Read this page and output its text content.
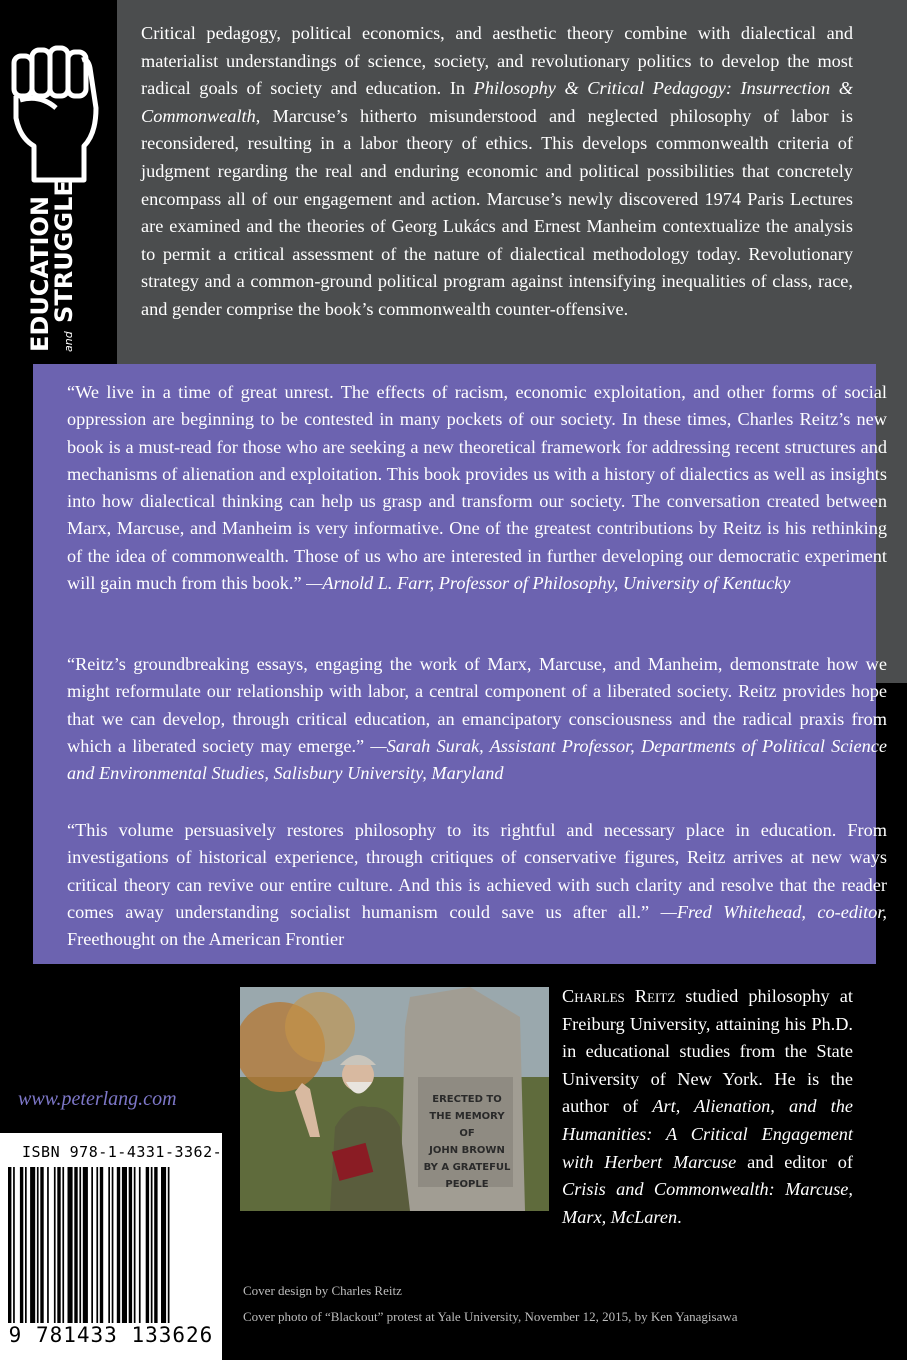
EDUCATION and STRUGGLE

Critical pedagogy, political economics, and aesthetic theory combine with dialectical and materialist understandings of science, society, and revolutionary politics to develop the most radical goals of society and education. In Philosophy & Critical Pedagogy: Insurrection & Commonwealth, Marcuse’s hitherto misunderstood and neglected philosophy of labor is reconsidered, resulting in a labor theory of ethics. This develops commonwealth criteria of judgment regarding the real and enduring economic and political possibilities that concretely encompass all of our engagement and action. Marcuse’s newly discovered 1974 Paris Lectures are examined and the theories of Georg Lukács and Ernest Manheim contextualize the analysis to permit a critical assessment of the nature of dialectical methodology today. Revolutionary strategy and a common-ground political program against intensifying inequalities of class, race, and gender comprise the book’s commonwealth counter-offensive.

“We live in a time of great unrest. The effects of racism, economic exploitation, and other forms of social oppression are beginning to be contested in many pockets of our society. In these times, Charles Reitz’s new book is a must-read for those who are seeking a new theoretical framework for addressing recent structures and mechanisms of alienation and exploitation. This book provides us with a history of dialectics as well as insights into how dialectical thinking can help us grasp and transform our society. The conversation created between Marx, Marcuse, and Manheim is very informative. One of the greatest contributions by Reitz is his rethinking of the idea of commonwealth. Those of us who are interested in further developing our democratic experiment will gain much from this book.” —Arnold L. Farr, Professor of Philosophy, University of Kentucky

“Reitz’s groundbreaking essays, engaging the work of Marx, Marcuse, and Manheim, demonstrate how we might reformulate our relationship with labor, a central component of a liberated society. Reitz provides hope that we can develop, through critical education, an emancipatory consciousness and the radical praxis from which a liberated society may emerge.” —Sarah Surak, Assistant Professor, Departments of Political Science and Environmental Studies, Salisbury University, Maryland

“This volume persuasively restores philosophy to its rightful and necessary place in education. From investigations of historical experience, through critiques of conservative figures, Reitz arrives at new ways critical theory can revive our entire culture. And this is achieved with such clarity and resolve that the reader comes away understanding socialist humanism could save us after all.” —Fred Whitehead, co-editor, Freethought on the American Frontier

ERECTED TO
THE MEMORY OF
JOHN BROWN
BY A GRATEFUL
PEOPLE

Charles Reitz studied philosophy at Freiburg University, attaining his Ph.D. in educational studies from the State University of New York. He is the author of Art, Alienation, and the Humanities: A Critical Engagement with Herbert Marcuse and editor of Crisis and Commonwealth: Marcuse, Marx, McLaren.

www.peterlang.com
ISBN 978-1-4331-3362-6
9 781433 133626

Cover design by Charles Reitz

Cover photo of “Blackout” protest at Yale University, November 12, 2015, by Ken Yanagisawa
